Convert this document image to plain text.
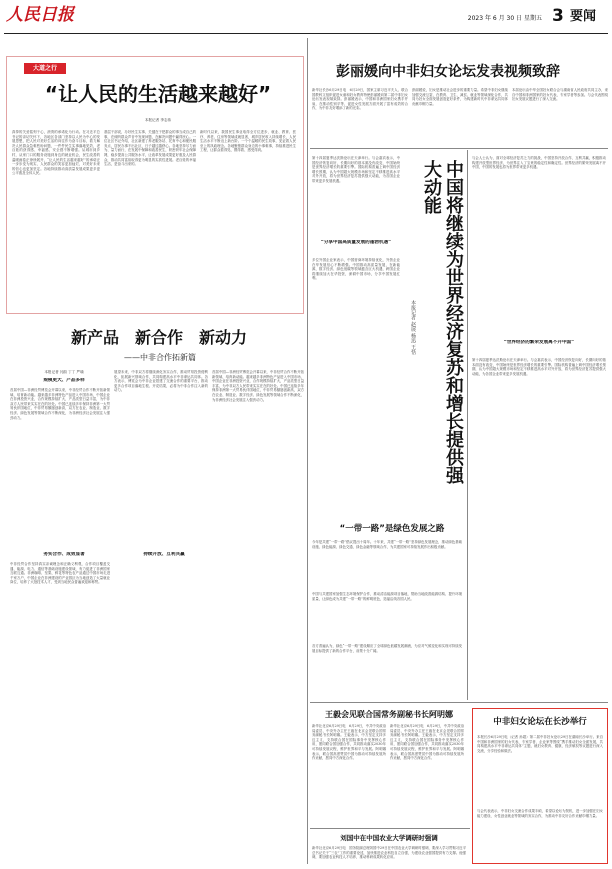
人民日报	2023 年 6 月 30 日 星期五 3 要闻
大道之行
“让人民的生活越来越好”
本报记者 李志伟
真挚的关爱铭刻于心，滚烫的承诺化为行动。在习近平总书记的亲切关怀下，各地区各部门坚持以人民为中心的发展思想，把人民对美好生活的向往作为奋斗目标，着力解决人民群众急难愁盼问题，一件件民生实事落地见效，老百姓的获得感、幸福感、安全感不断增强。从城市到乡村，从家门口的服务设施到身边的就业机会，民生改善的温暖画卷正徐徐展开，“让人民的生活越来越好”的承诺正一步步变为现实，人民群众的笑容更加灿烂，对美好未来的信心也更加坚定。各地持续推动高质量发展成果更多更公平惠及全体人民。
基层干部说，办好民生实事，关键在于把群众的事当成自己的事，在倾听群众声音中发现问题，在解决问题中赢得民心。一位社区书记介绍，社区新建了养老服务站、托育中心和便民服务点，居民办事不出社区，日子越过越舒心。各地坚持尽力而为、量力而行，在发展中保障和改善民生，织密织牢社会保障网，稳步提高公共服务水平，让改革发展成果更好惠及人民群众，推动共同富裕取得更为明显的实质性进展。老百姓的幸福生活，是奋斗出来的。
新时代以来，我国民生事业取得全方位进步，就业、教育、医疗、养老、住房等领域成就显著，城乡居民收入持续增长，人民生活水平不断迈上新台阶。一个个温暖的民生故事，见证着人民至上的执政理念。各地聚焦群众身边的小事难事，持续推进民生工程，让群众看得见、摸得着、感受得到。
新产品　新合作　新动力
——中非合作拓新篇
本报记者 闫韵 丁丁 严瑜
规模更大、产品多样
首届中国—非洲经贸博览会开幕以来，中非经贸合作不断开拓新领域、培育新动能。越来越多非洲特色产品进入中国市场，中国企业在非洲投资兴业，合作规模持续扩大，产品类型日益丰富，为中非双方人民带来实实在在的好处。中国已连续多年保持非洲第一大贸易伙伴国地位，中非贸易额屡创新高，双方在农业、制造业、数字经济、绿色发展等领域合作不断深化，为非洲经济社会发展注入强劲动力。
务实合作、成效显著
中非经贸合作坚持真实亲诚理念和正确义利观，合作项目覆盖交通、能源、电力、通信等基础设施建设领域，有力促进了非洲国家互联互通。非洲咖啡、坚果、鲜花等特色农产品通过中国市场走进千家万户，中国企业在非洲建设的产业园区为当地创造了大量就业岗位，培养了大批技术人才，受到当地民众普遍欢迎和称赞。
持续开放、互利共赢
展望未来，中非双方将继续深化务实合作，推动贸易投资便利化，拓展新兴领域合作，共同构建高水平中非命运共同体。各方表示，博览会为中非企业搭建了交流合作的重要平台，推动更多合作项目落地生根、开花结果，必将为中非合作注入新的动力。
首届中国—非洲经贸博览会开幕以来，中非经贸合作不断开拓新领域、培育新动能。越来越多非洲特色产品进入中国市场，中国企业在非洲投资兴业，合作规模持续扩大，产品类型日益丰富，为中非双方人民带来实实在在的好处。中国已连续多年保持非洲第一大贸易伙伴国地位，中非贸易额屡创新高，双方在农业、制造业、数字经济、绿色发展等领域合作不断深化，为非洲经济社会发展注入强劲动力。
彭丽媛向中非妇女论坛发表视频致辞
新华社长沙6月29日电　6月29日，国家主席习近平夫人、联合国教科文组织促进女童和妇女教育特使彭丽媛向第二届中非妇女论坛发表视频致辞。彭丽媛表示，中国和非洲国家妇女携手并肩，在推动性别平等、促进女性发展方面开展了富有成效的合作，为中非友好增添了新的光彩。
彭丽媛说，妇女是推动社会进步的重要力量。希望中非妇女继续加强交流互鉴，在教育、卫生、减贫、就业等领域深化合作，共同为妇女全面发展创造更好条件，为构建新时代中非命运共同体贡献巾帼力量。
本届论坛由中华全国妇女联合会与湖南省人民政府共同主办，来自中国和非洲国家的妇女代表、专家学者等参加。与会代表围绕妇女发展议题进行了深入交流。
中国将继续为世界经济复苏和增长提供强大动能
本报记者 赵展 杨迅 王恬
第十四届夏季达沃斯论坛在天津举行。与会嘉宾表示，中国经济恢复向好，长期向好的基本面没有改变，中国始终是世界经济增长的重要引擎。国际机构普遍上调中国经济增长预期，认为中国超大规模市场和坚定不移推进高水平对外开放，将为世界经济复苏提供强大动能，为各国企业带来更多发展机遇。
“分享中国高质量发展的蓬勃机遇”
多位外国企业家表示，中国营商环境持续优化，外资企业在华发展信心不断增强。中国推动高质量发展，在新能源、数字经济、绿色低碳等领域蕴含巨大机遇，跨国企业将继续加大在华投资，深耕中国市场，分享中国发展红利。
与会人士认为，面对全球经济复苏乏力的挑战，中国坚持开放合作、互利共赢，积极推动构建开放型世界经济，为世界注入了宝贵的稳定性和确定性。世界经济的繁荣发展离不开中国，中国的发展也将为世界带来更多机遇。
“世界经济的繁荣发展离不开中国”
第十四届夏季达沃斯论坛在天津举行。与会嘉宾表示，中国经济恢复向好，长期向好的基本面没有改变，中国始终是世界经济增长的重要引擎。国际机构普遍上调中国经济增长预期，认为中国超大规模市场和坚定不移推进高水平对外开放，将为世界经济复苏提供强大动能，为各国企业带来更多发展机遇。
“一带一路”是绿色发展之路
今年是共建“一带一路”倡议提出十周年。十年来，共建“一带一路”坚持绿色发展理念，推动绿色基础设施、绿色能源、绿色交通、绿色金融等领域合作，为共建国家可持续发展作出积极贡献。
中国与共建国家加强生态环境保护合作，推动清洁能源项目落地，帮助当地改善能源结构、提升环境质量，让绿色成为共建“一带一路”的鲜明底色，造福沿线各国人民。
各方普遍认为，绿色“一带一路”建设顺应了全球绿色低碳发展潮流，为应对气候变化和实现可持续发展目标提供了新的合作平台，前景十分广阔。
王毅会见联合国常务副秘书长阿明娜
新华社北京6月29日电　6月29日，中共中央政治局委员、中央外办主任王毅在北京会见联合国常务副秘书长阿明娜。王毅表示，中方坚定支持多边主义，支持联合国在国际事务中发挥核心作用，愿同联合国加强合作，共同推动落实2030年可持续发展议程，维护世界和平与发展。阿明娜表示，联合国高度赞赏中国为推动可持续发展所作贡献，愿同中方深化合作。
新华社北京6月29日电　6月29日，中共中央政治局委员、中央外办主任王毅在北京会见联合国常务副秘书长阿明娜。王毅表示，中方坚定支持多边主义，支持联合国在国际事务中发挥核心作用，愿同联合国加强合作，共同推动落实2030年可持续发展议程，维护世界和平与发展。阿明娜表示，联合国高度赞赏中国为推动可持续发展所作贡献，愿同中方深化合作。
刘国中在中国农业大学调研时强调
新华社北京6月29日电　国务院副总理刘国中29日在中国农业大学调研时强调，要深入学习贯彻习近平总书记关于“三农”工作的重要论述，加快推进农业科技自立自强，为建设农业强国提供有力支撑。他强调，要加强农业科技人才培养，推动科研成果转化应用。
中非妇女论坛在长沙举行
本报长沙6月29日电（记者 孙超）第二届中非妇女论坛29日在湖南长沙举行。来自中国和非洲国家的妇女代表、专家学者、企业家等围绕“携手推动妇女全面发展，共同构建高水平中非命运共同体”主题，就妇女教育、健康、经济赋权等议题进行深入交流，分享经验和做法。
与会代表表示，中非妇女交流合作成果丰硕，希望以论坛为契机，进一步加强在妇女能力建设、女性创业就业等领域的务实合作，为推动中非友好合作贡献巾帼力量。
